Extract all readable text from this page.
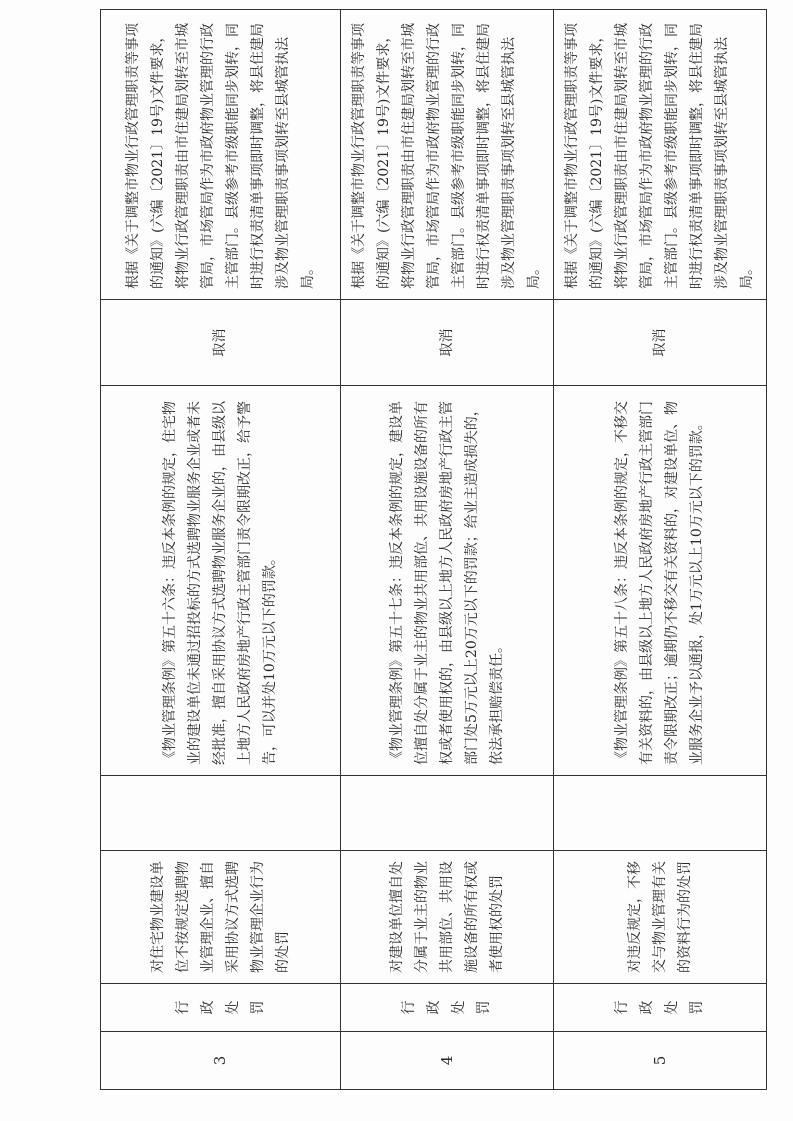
3	行政处罚	对住宅物业建设单位不按规定选聘物业管理企业、擅自采用协议方式选聘物业管理企业行为的处罚		《物业管理条例》第五十六条：违反本条例的规定，住宅物业的建设单位未通过招投标的方式选聘物业服务企业或者未经批准，擅自采用协议方式选聘物业服务企业的，由县级以上地方人民政府房地产行政主管部门责令限期改正，给予警告，可以并处10万元以下的罚款。	取消	根据《关于调整市物业行政管理职责等事项的通知》(六编〔2021〕19号)文件要求，将物业行政管理职责由市住建局划转至市城管局，市场管局作为市政府物业管理的行政主管部门。县级参考市级职能同步划转，同时进行权责清单事项即时调整，将县住建局涉及物业管理职责事项划转至县城管执法局。
4	行政处罚	对建设单位擅自处分属于业主的物业共用部位、共用设施设备的所有权或者使用权的处罚		《物业管理条例》第五十七条：违反本条例的规定，建设单位擅自处分属于业主的物业共用部位、共用设施设备的所有权或者使用权的，由县级以上地方人民政府房地产行政主管部门处5万元以上20万元以下的罚款；给业主造成损失的，依法承担赔偿责任。	取消	根据《关于调整市物业行政管理职责等事项的通知》(六编〔2021〕19号)文件要求，将物业行政管理职责由市住建局划转至市城管局，市场管局作为市政府物业管理的行政主管部门。县级参考市级职能同步划转，同时进行权责清单事项即时调整，将县住建局涉及物业管理职责事项划转至县城管执法局。
5	行政处罚	对违反规定，不移交与物业管理有关的资料行为的处罚		《物业管理条例》第五十八条：违反本条例的规定，不移交有关资料的，由县级以上地方人民政府房地产行政主管部门责令限期改正；逾期仍不移交有关资料的，对建设单位、物业服务企业予以通报，处1万元以上10万元以下的罚款。	取消	根据《关于调整市物业行政管理职责等事项的通知》(六编〔2021〕19号)文件要求，将物业行政管理职责由市住建局划转至市城管局，市场管局作为市政府物业管理的行政主管部门。县级参考市级职能同步划转，同时进行权责清单事项即时调整，将县住建局涉及物业管理职责事项划转至县城管执法局。
